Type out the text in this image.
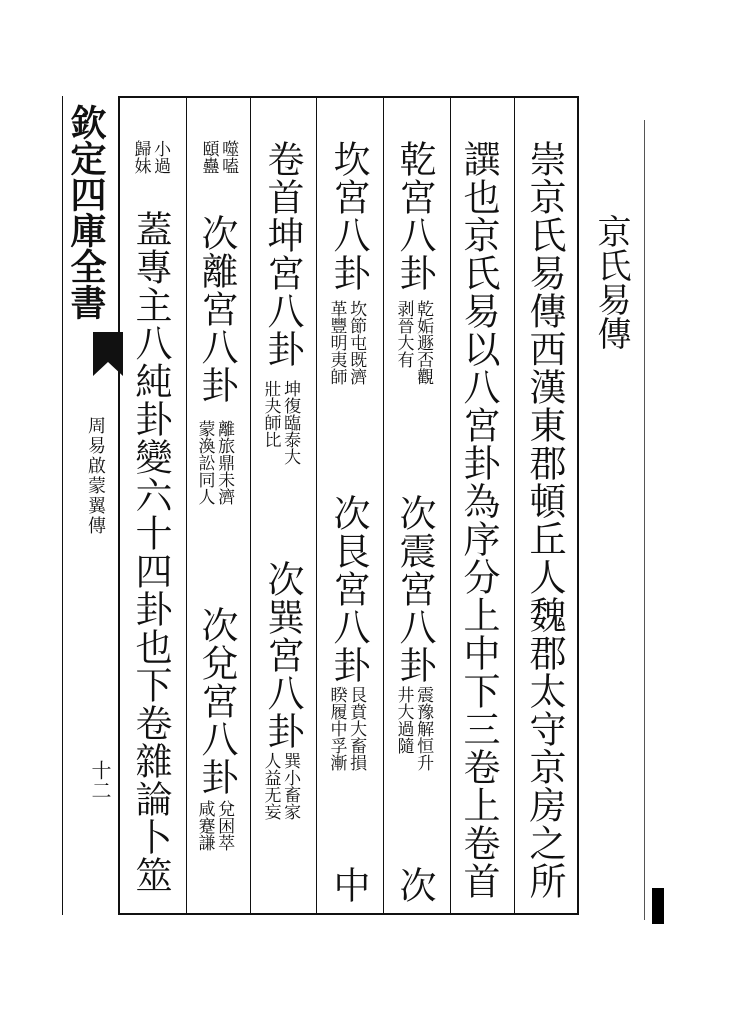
欽定四庫全書
周易啟蒙翼傳
十二
京氏易傳
崇京氏易傳西漢東郡頓丘人魏郡太守京房之所
譔也京氏易以八宮卦為序分上中下三卷上卷首
乾宮八卦
乾姤遯否觀
剥晉大有
次震宮八卦
震豫解恒升
井大過隨
次
坎宮八卦
坎節屯既濟
革豐明夷師
次艮宮八卦
艮賁大畜損
睽履中孚漸
中
卷首坤宮八卦
坤復臨泰大
壯夬師比
次巽宮八卦
巽小畜家
人益无妄
噬嗑
頤蠱
次離宮八卦
離旅鼎未濟
蒙渙訟同人
次兌宮八卦
兌困萃
咸蹇謙
小過
歸妹
蓋專主八純卦變六十四卦也下卷雜論卜筮
